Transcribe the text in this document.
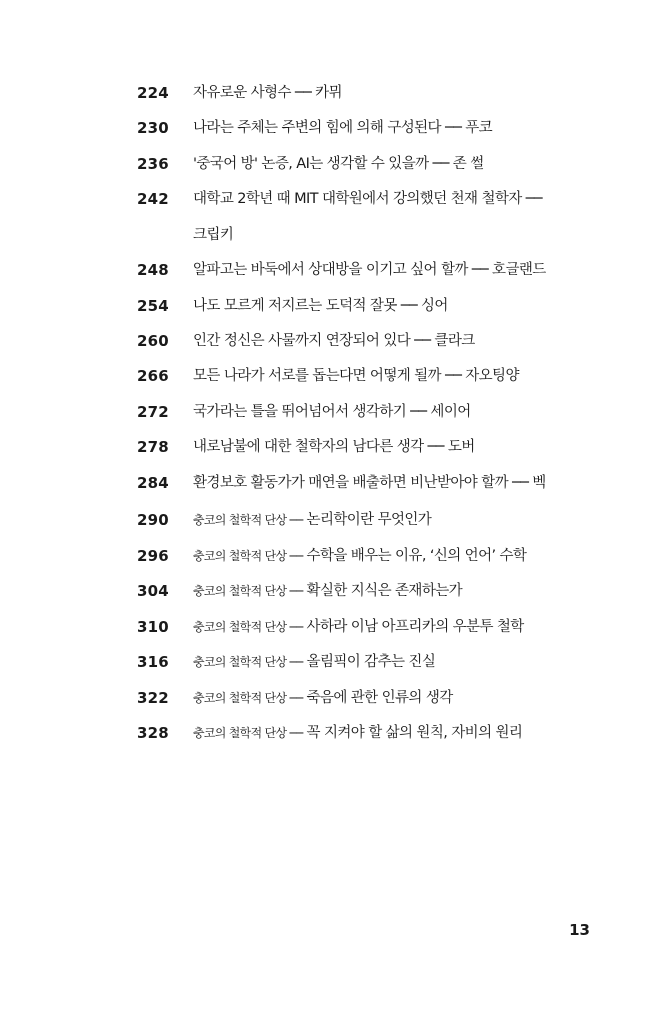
224	자유로운 사형수 ── 카뮈
230	나라는 주체는 주변의 힘에 의해 구성된다 ── 푸코
236	'중국어 방' 논증, AI는 생각할 수 있을까 ── 존 썰
242	대학교 2학년 때 MIT 대학원에서 강의했던 천재 철학자 ──
크립키
248	알파고는 바둑에서 상대방을 이기고 싶어 할까 ── 호글랜드
254	나도 모르게 저지르는 도덕적 잘못 ── 싱어
260	인간 정신은 사물까지 연장되어 있다 ── 클라크
266	모든 나라가 서로를 돕는다면 어떻게 될까 ── 자오팅양
272	국가라는 틀을 뛰어넘어서 생각하기 ── 세이어
278	내로남불에 대한 철학자의 남다른 생각 ── 도버
284	환경보호 활동가가 매연을 배출하면 비난받아야 할까 ── 벡
290	충코의 철학적 단상 ── 논리학이란 무엇인가
296	충코의 철학적 단상 ── 수학을 배우는 이유, ‘신의 언어’ 수학
304	충코의 철학적 단상 ── 확실한 지식은 존재하는가
310	충코의 철학적 단상 ── 사하라 이남 아프리카의 우분투 철학
316	충코의 철학적 단상 ── 올림픽이 감추는 진실
322	충코의 철학적 단상 ── 죽음에 관한 인류의 생각
328	충코의 철학적 단상 ── 꼭 지켜야 할 삶의 원칙, 자비의 원리
13
